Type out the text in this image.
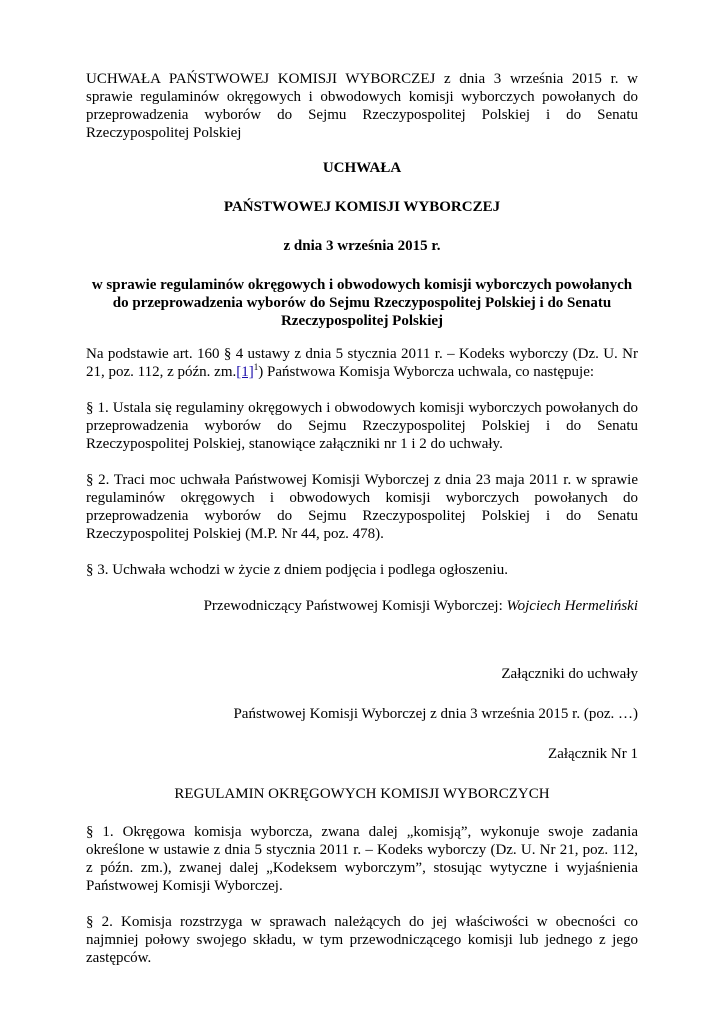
UCHWAŁA PAŃSTWOWEJ KOMISJI WYBORCZEJ z dnia 3 września 2015 r. w sprawie regulaminów okręgowych i obwodowych komisji wyborczych powołanych do przeprowadzenia wyborów do Sejmu Rzeczypospolitej Polskiej i do Senatu Rzeczypospolitej Polskiej

UCHWAŁA

PAŃSTWOWEJ KOMISJI WYBORCZEJ

z dnia 3 września 2015 r.

w sprawie regulaminów okręgowych i obwodowych komisji wyborczych powołanych do przeprowadzenia wyborów do Sejmu Rzeczypospolitej Polskiej i do Senatu Rzeczypospolitej Polskiej

Na podstawie art. 160 § 4 ustawy z dnia 5 stycznia 2011 r. – Kodeks wyborczy (Dz. U. Nr 21, poz. 112, z późn. $zm.[1]^1$) Państwowa Komisja Wyborcza uchwala, co następuje:

§ 1. Ustala się regulaminy okręgowych i obwodowych komisji wyborczych powołanych do przeprowadzenia wyborów do Sejmu Rzeczypospolitej Polskiej i do Senatu Rzeczypospolitej Polskiej, stanowiące załączniki nr 1 i 2 do uchwały.

§ 2. Traci moc uchwała Państwowej Komisji Wyborczej z dnia 23 maja 2011 r. w sprawie regulaminów okręgowych i obwodowych komisji wyborczych powołanych do przeprowadzenia wyborów do Sejmu Rzeczypospolitej Polskiej i do Senatu Rzeczypospolitej Polskiej (M.P. Nr 44, poz. 478).

§ 3. Uchwała wchodzi w życie z dniem podjęcia i podlega ogłoszeniu.

Przewodniczący Państwowej Komisji Wyborczej: Wojciech Hermeliński

Załączniki do uchwały

Państwowej Komisji Wyborczej z dnia 3 września 2015 r. (poz. …)

Załącznik Nr 1

REGULAMIN OKRĘGOWYCH KOMISJI WYBORCZYCH

§ 1. Okręgowa komisja wyborcza, zwana dalej „komisją”, wykonuje swoje zadania określone w ustawie z dnia 5 stycznia 2011 r. – Kodeks wyborczy (Dz. U. Nr 21, poz. 112, z późn. zm.), zwanej dalej „Kodeksem wyborczym”, stosując wytyczne i wyjaśnienia Państwowej Komisji Wyborczej.

§ 2. Komisja rozstrzyga w sprawach należących do jej właściwości w obecności co najmniej połowy swojego składu, w tym przewodniczącego komisji lub jednego z jego zastępców.
